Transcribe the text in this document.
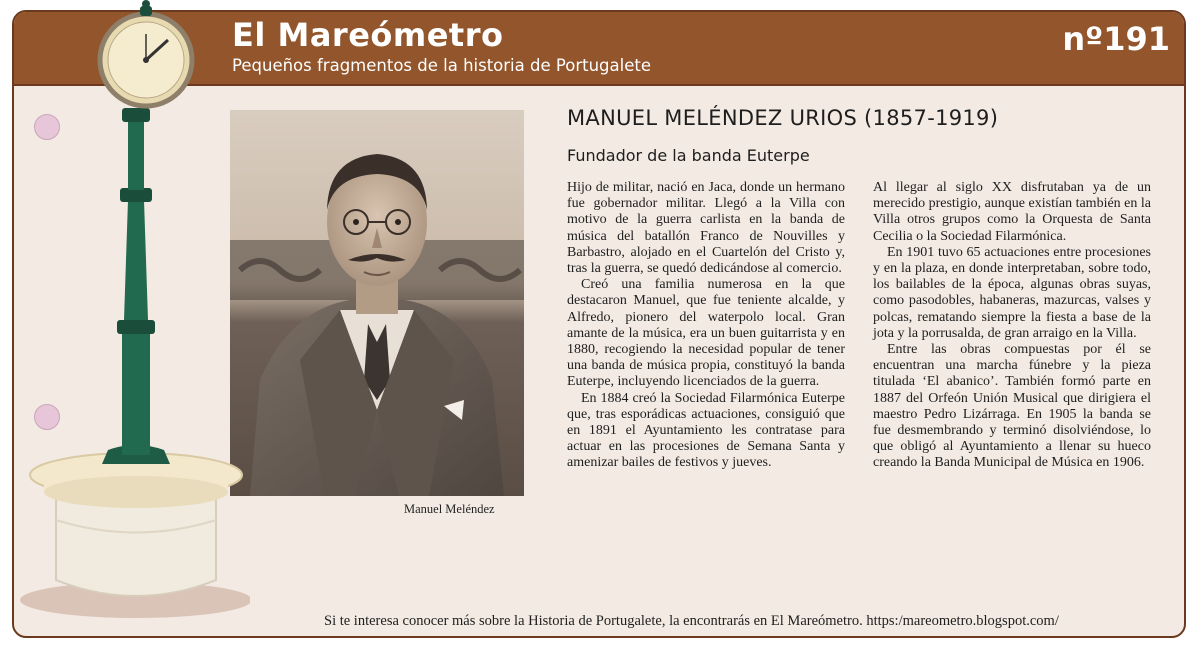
El Mareómetro
Pequeños fragmentos de la historia de Portugalete
nº191
Manuel Meléndez
MANUEL MELÉNDEZ URIOS (1857-1919)
Fundador de la banda Euterpe

Hijo de militar, nació en Jaca, donde un hermano fue gobernador militar. Llegó a la Villa con motivo de la guerra carlista en la banda de música del batallón Franco de Nouvilles y Barbastro, alojado en el Cuartelón del Cristo y, tras la guerra, se quedó dedicándose al comercio.

Creó una familia numerosa en la que destacaron Manuel, que fue teniente alcalde, y Alfredo, pionero del waterpolo local. Gran amante de la música, era un buen guitarrista y en 1880, recogiendo la necesidad popular de tener una banda de música propia, constituyó la banda Euterpe, incluyendo licenciados de la guerra.

En 1884 creó la Sociedad Filarmónica Euterpe que, tras esporádicas actuaciones, consiguió que en 1891 el Ayuntamiento les contratase para actuar en las procesiones de Semana Santa y amenizar bailes de festivos y jueves.

Al llegar al siglo XX disfrutaban ya de un merecido prestigio, aunque existían también en la Villa otros grupos como la Orquesta de Santa Cecilia o la Sociedad Filarmónica.

En 1901 tuvo 65 actuaciones entre procesiones y en la plaza, en donde interpretaban, sobre todo, los bailables de la época, algunas obras suyas, como pasodobles, habaneras, mazurcas, valses y polcas, rematando siempre la fiesta a base de la jota y la porrusalda, de gran arraigo en la Villa.

Entre las obras compuestas por él se encuentran una marcha fúnebre y la pieza titulada ‘El abanico’. También formó parte en 1887 del Orfeón Unión Musical que dirigiera el maestro Pedro Lizárraga. En 1905 la banda se fue desmembrando y terminó disolviéndose, lo que obligó al Ayuntamiento a llenar su hueco creando la Banda Municipal de Música en 1906.

Si te interesa conocer más sobre la Historia de Portugalete, la encontrarás en El Mareómetro. https:/mareometro.blogspot.com/
